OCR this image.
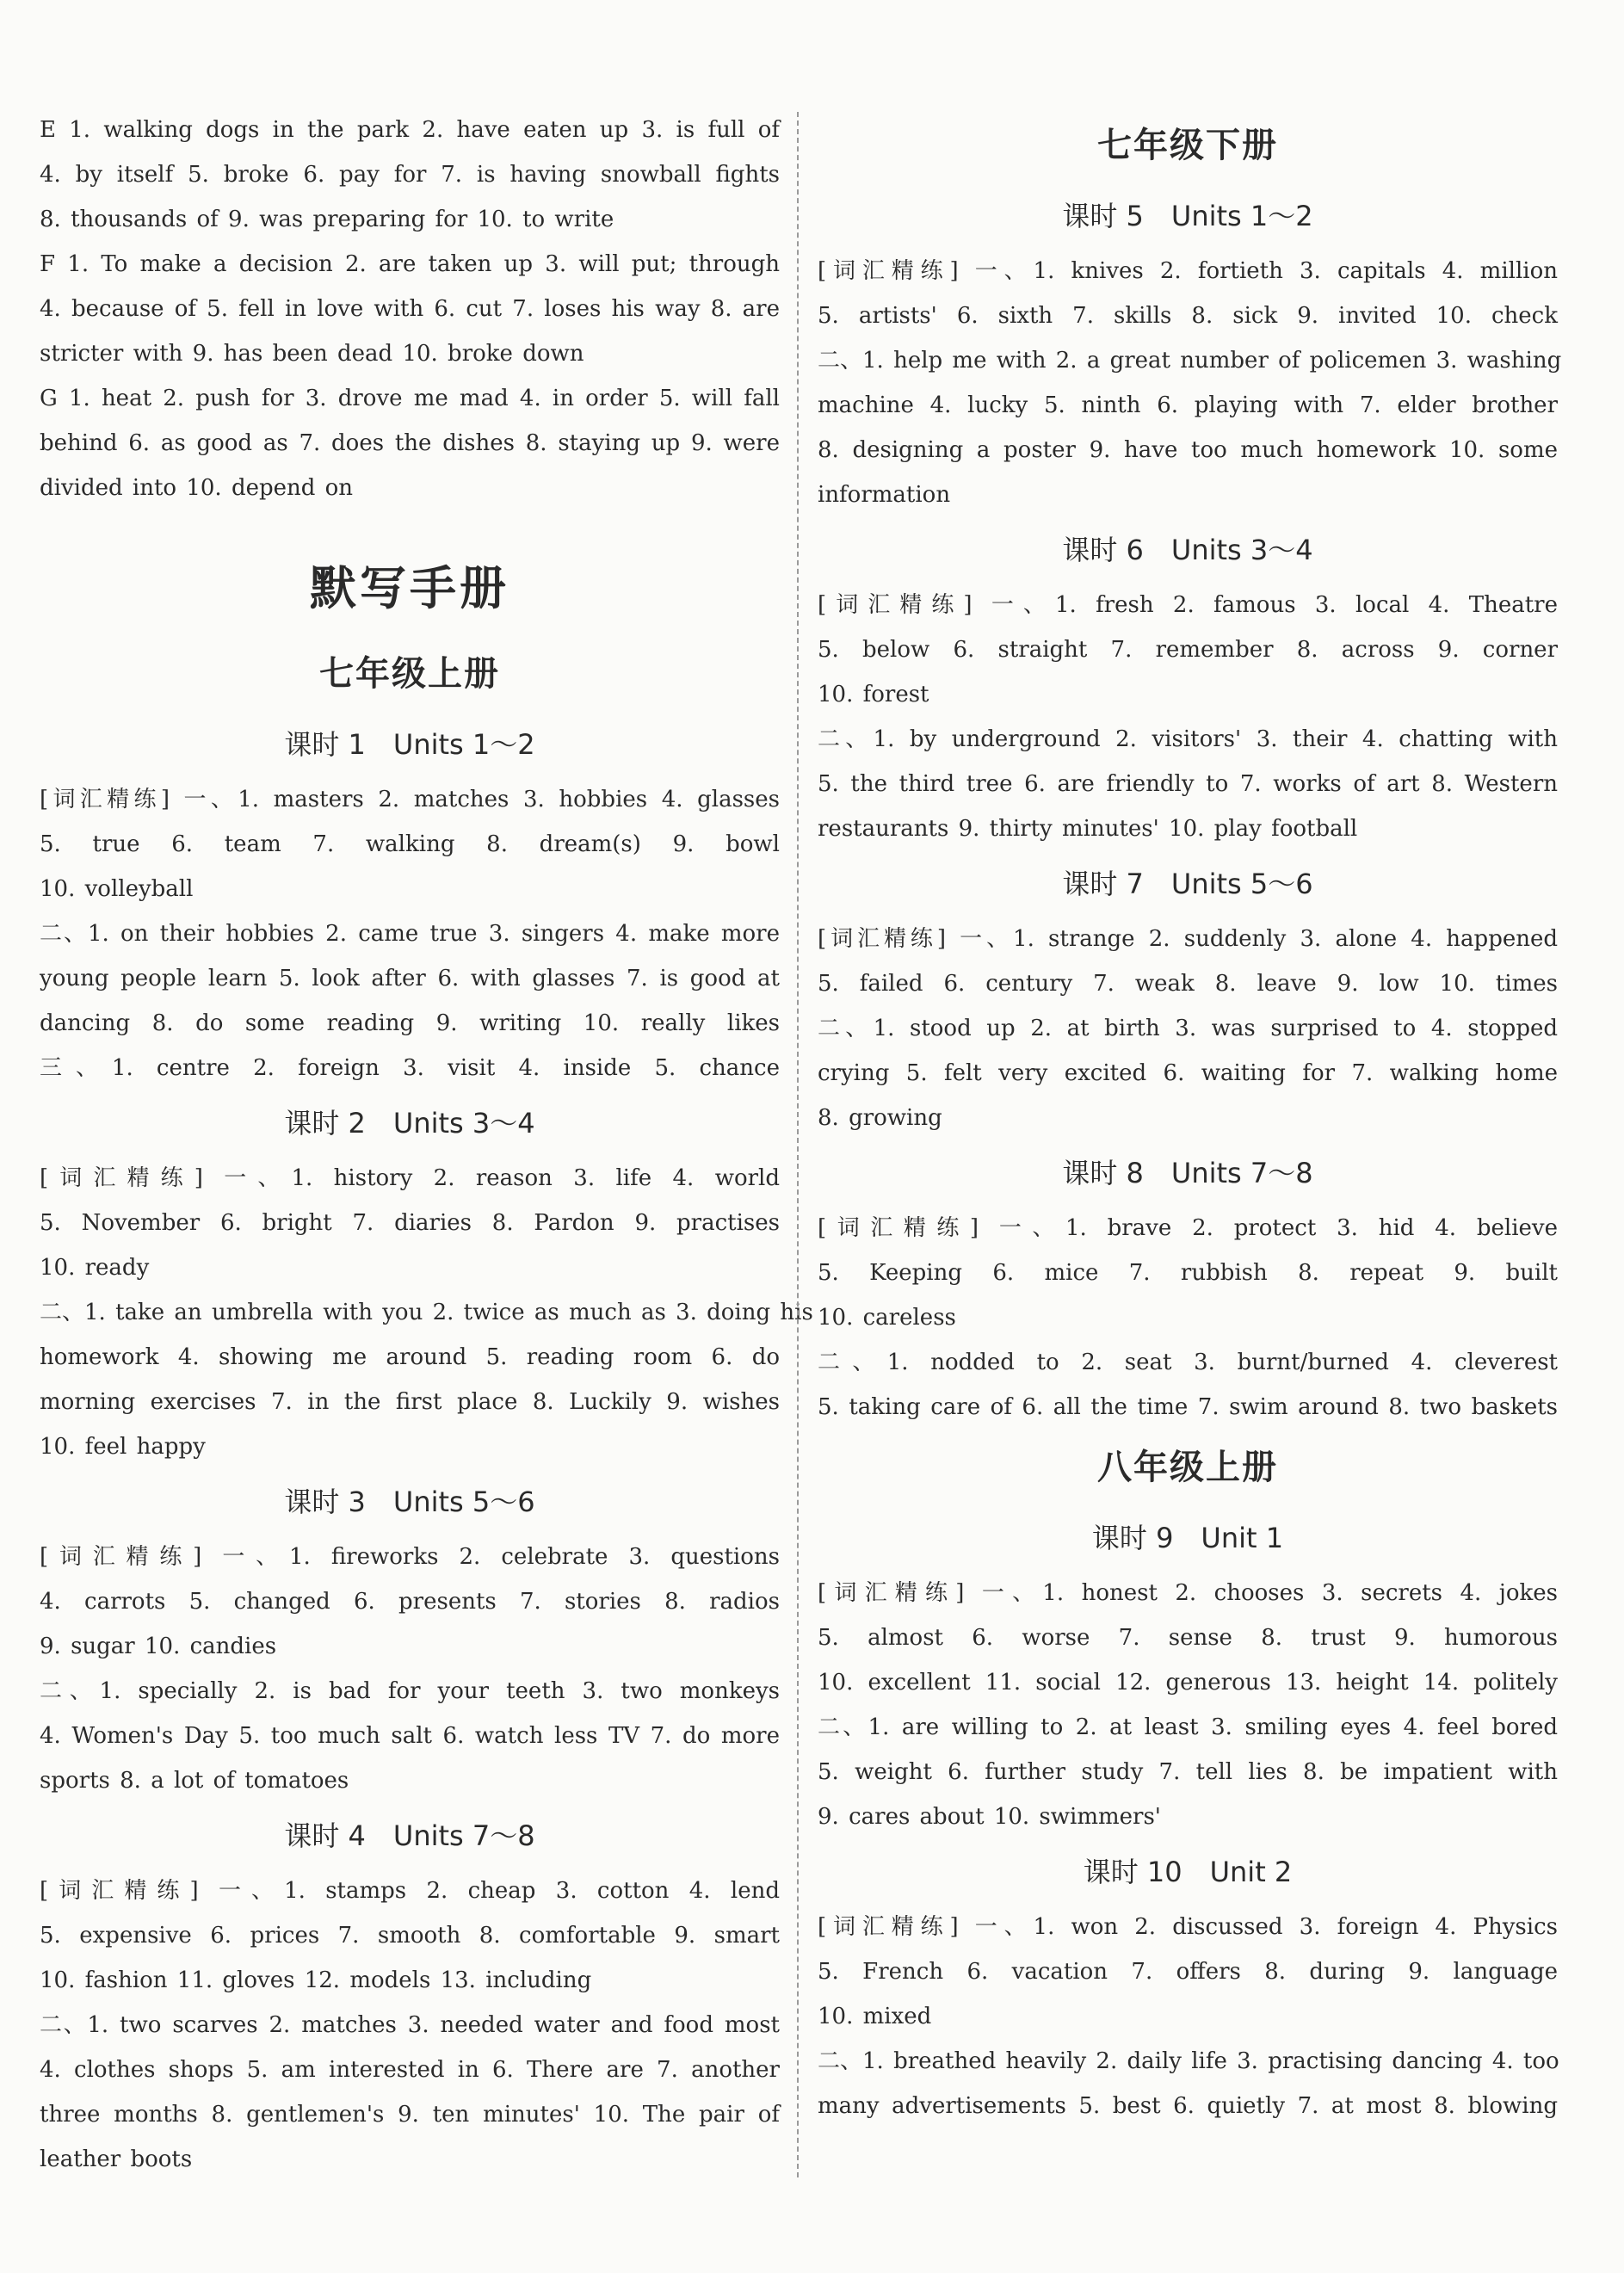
E 1. walking dogs in the park 2. have eaten up 3. is full of
4. by itself 5. broke 6. pay for 7. is having snowball fights
8. thousands of 9. was preparing for 10. to write
F 1. To make a decision 2. are taken up 3. will put; through
4. because of 5. fell in love with 6. cut 7. loses his way 8. are
stricter with 9. has been dead 10. broke down
G 1. heat 2. push for 3. drove me mad 4. in order 5. will fall
behind 6. as good as 7. does the dishes 8. staying up 9. were
divided into 10. depend on
默写手册
七年级上册
课时 1　Units 1～2
[词汇精练] 一、1. masters 2. matches 3. hobbies 4. glasses
5. true 6. team 7. walking 8. dream(s) 9. bowl
10. volleyball
二、1. on their hobbies 2. came true 3. singers 4. make more
young people learn 5. look after 6. with glasses 7. is good at
dancing 8. do some reading 9. writing 10. really likes
三、1. centre 2. foreign 3. visit 4. inside 5. chance
课时 2　Units 3～4
[词汇精练] 一、1. history 2. reason 3. life 4. world
5. November 6. bright 7. diaries 8. Pardon 9. practises
10. ready
二、1. take an umbrella with you 2. twice as much as 3. doing his
homework 4. showing me around 5. reading room 6. do
morning exercises 7. in the first place 8. Luckily 9. wishes
10. feel happy
课时 3　Units 5～6
[词汇精练] 一、1. fireworks 2. celebrate 3. questions
4. carrots 5. changed 6. presents 7. stories 8. radios
9. sugar 10. candies
二、1. specially 2. is bad for your teeth 3. two monkeys
4. Women's Day 5. too much salt 6. watch less TV 7. do more
sports 8. a lot of tomatoes
课时 4　Units 7～8
[词汇精练] 一、1. stamps 2. cheap 3. cotton 4. lend
5. expensive 6. prices 7. smooth 8. comfortable 9. smart
10. fashion 11. gloves 12. models 13. including
二、1. two scarves 2. matches 3. needed water and food most
4. clothes shops 5. am interested in 6. There are 7. another
three months 8. gentlemen's 9. ten minutes' 10. The pair of
leather boots
七年级下册
课时 5　Units 1～2
[词汇精练] 一、1. knives 2. fortieth 3. capitals 4. million
5. artists' 6. sixth 7. skills 8. sick 9. invited 10. check
二、1. help me with 2. a great number of policemen 3. washing
machine 4. lucky 5. ninth 6. playing with 7. elder brother
8. designing a poster 9. have too much homework 10. some
information
课时 6　Units 3～4
[词汇精练] 一、1. fresh 2. famous 3. local 4. Theatre
5. below 6. straight 7. remember 8. across 9. corner
10. forest
二、1. by underground 2. visitors' 3. their 4. chatting with
5. the third tree 6. are friendly to 7. works of art 8. Western
restaurants 9. thirty minutes' 10. play football
课时 7　Units 5～6
[词汇精练] 一、1. strange 2. suddenly 3. alone 4. happened
5. failed 6. century 7. weak 8. leave 9. low 10. times
二、1. stood up 2. at birth 3. was surprised to 4. stopped
crying 5. felt very excited 6. waiting for 7. walking home
8. growing
课时 8　Units 7～8
[词汇精练] 一、1. brave 2. protect 3. hid 4. believe
5. Keeping 6. mice 7. rubbish 8. repeat 9. built
10. careless
二、1. nodded to 2. seat 3. burnt/burned 4. cleverest
5. taking care of 6. all the time 7. swim around 8. two baskets
八年级上册
课时 9　Unit 1
[词汇精练] 一、1. honest 2. chooses 3. secrets 4. jokes
5. almost 6. worse 7. sense 8. trust 9. humorous
10. excellent 11. social 12. generous 13. height 14. politely
二、1. are willing to 2. at least 3. smiling eyes 4. feel bored
5. weight 6. further study 7. tell lies 8. be impatient with
9. cares about 10. swimmers'
课时 10　Unit 2
[词汇精练] 一、1. won 2. discussed 3. foreign 4. Physics
5. French 6. vacation 7. offers 8. during 9. language
10. mixed
二、1. breathed heavily 2. daily life 3. practising dancing 4. too
many advertisements 5. best 6. quietly 7. at most 8. blowing
